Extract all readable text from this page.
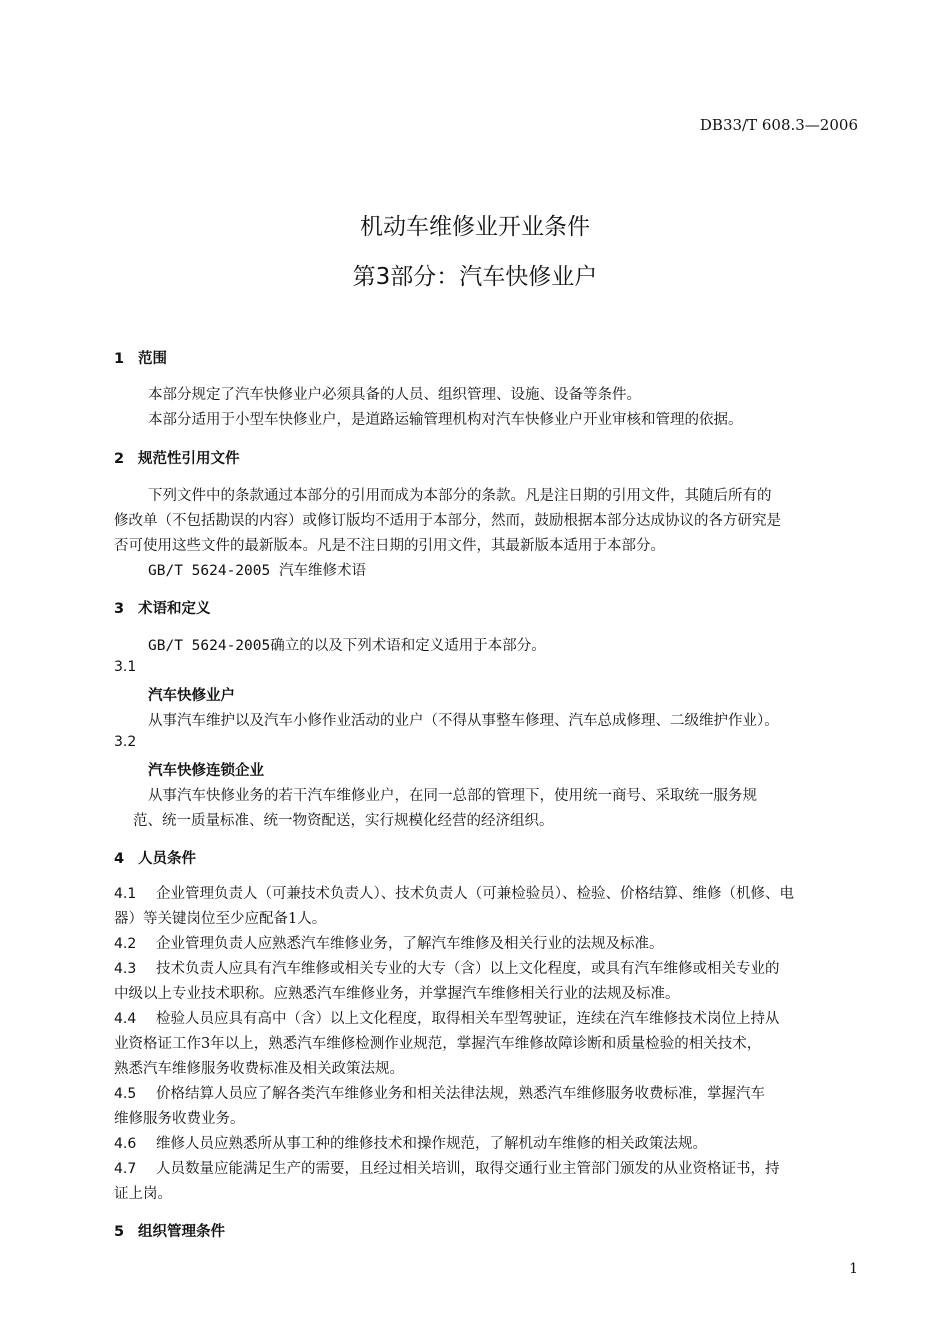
DB33/T 608.3—2006
机动车维修业开业条件
第3部分：汽车快修业户
1 范围
本部分规定了汽车快修业户必须具备的人员、组织管理、设施、设备等条件。
本部分适用于小型车快修业户，是道路运输管理机构对汽车快修业户开业审核和管理的依据。
2 规范性引用文件
下列文件中的条款通过本部分的引用而成为本部分的条款。凡是注日期的引用文件，其随后所有的
修改单（不包括勘误的内容）或修订版均不适用于本部分，然而，鼓励根据本部分达成协议的各方研究是
否可使用这些文件的最新版本。凡是不注日期的引用文件，其最新版本适用于本部分。
GB/T 5624-2005 汽车维修术语
3 术语和定义
GB/T 5624-2005确立的以及下列术语和定义适用于本部分。
3.1
汽车快修业户
从事汽车维护以及汽车小修作业活动的业户（不得从事整车修理、汽车总成修理、二级维护作业）。
3.2
汽车快修连锁企业
从事汽车快修业务的若干汽车维修业户，在同一总部的管理下，使用统一商号、采取统一服务规
范、统一质量标准、统一物资配送，实行规模化经营的经济组织。
4 人员条件
4.1 企业管理负责人（可兼技术负责人）、技术负责人（可兼检验员）、检验、价格结算、维修（机修、电
器）等关键岗位至少应配备1人。
4.2 企业管理负责人应熟悉汽车维修业务，了解汽车维修及相关行业的法规及标准。
4.3 技术负责人应具有汽车维修或相关专业的大专（含）以上文化程度，或具有汽车维修或相关专业的
中级以上专业技术职称。应熟悉汽车维修业务，并掌握汽车维修相关行业的法规及标准。
4.4 检验人员应具有高中（含）以上文化程度，取得相关车型驾驶证，连续在汽车维修技术岗位上持从
业资格证工作3年以上，熟悉汽车维修检测作业规范，掌握汽车维修故障诊断和质量检验的相关技术，
熟悉汽车维修服务收费标准及相关政策法规。
4.5 价格结算人员应了解各类汽车维修业务和相关法律法规，熟悉汽车维修服务收费标准，掌握汽车
维修服务收费业务。
4.6 维修人员应熟悉所从事工种的维修技术和操作规范，了解机动车维修的相关政策法规。
4.7 人员数量应能满足生产的需要，且经过相关培训，取得交通行业主管部门颁发的从业资格证书，持
证上岗。
5 组织管理条件
1
